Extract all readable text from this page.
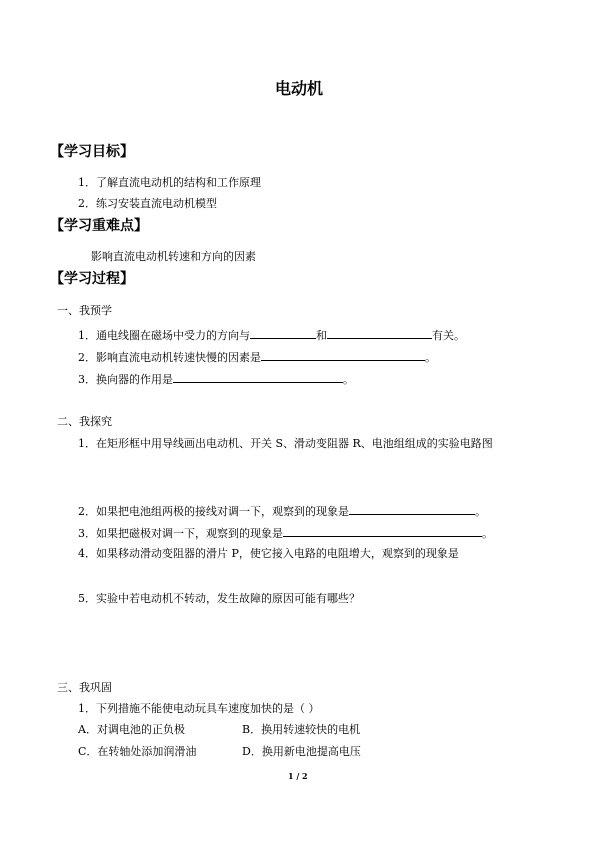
电动机
【学习目标】
1．了解直流电动机的结构和工作原理
2．练习安装直流电动机模型
【学习重难点】
影响直流电动机转速和方向的因素
【学习过程】
一、我预学
1．通电线圈在磁场中受力的方向与	和	有关。
2．影响直流电动机转速快慢的因素是	。
3．换向器的作用是	。
二、我探究
1．在矩形框中用导线画出电动机、开关 S、滑动变阻器 R、电池组组成的实验电路图
2．如果把电池组两极的接线对调一下，观察到的现象是	。
3．如果把磁极对调一下，观察到的现象是	。
4．如果移动滑动变阻器的滑片 P，使它接入电路的电阻增大，观察到的现象是
5．实验中若电动机不转动，发生故障的原因可能有哪些？
三、我巩固
1．下列措施不能使电动玩具车速度加快的是（ ）
A．对调电池的正负极	B．换用转速较快的电机
C．在转轴处添加润滑油	D．换用新电池提高电压
1 / 2
